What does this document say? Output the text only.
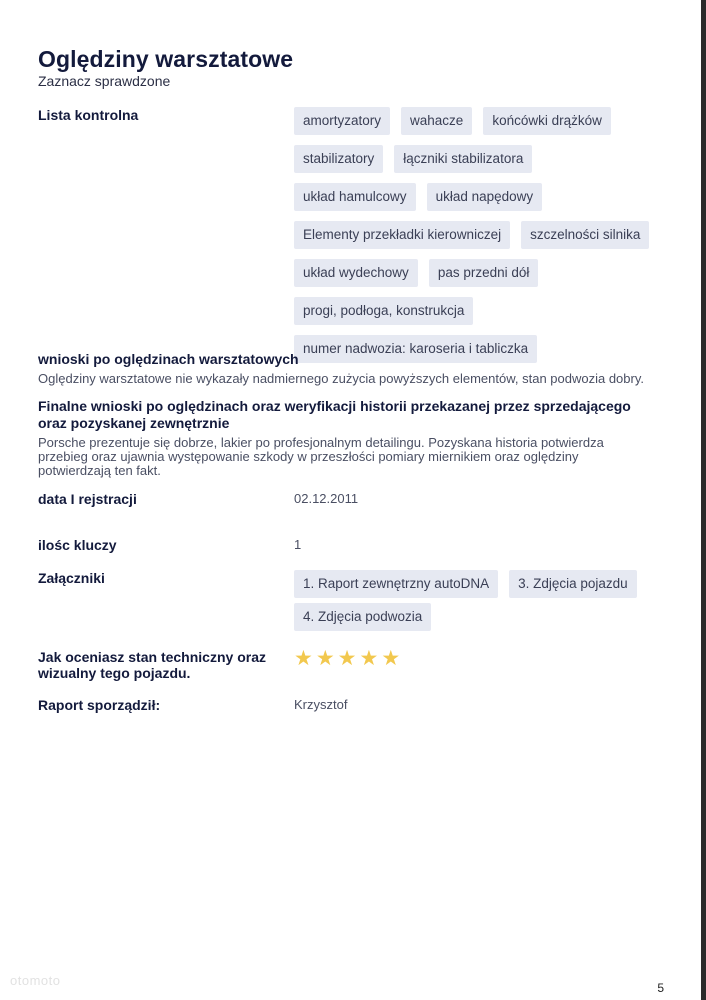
Oględziny warsztatowe
Zaznacz sprawdzone
Lista kontrolna	amortyzatory	wahacze	końcówki drążków
stabilizatory	łączniki stabilizatora
układ hamulcowy	układ napędowy
Elementy przekładki kierowniczej	szczelności silnika
układ wydechowy	pas przedni dół
progi, podłoga, konstrukcja
numer nadwozia: karoseria i tabliczka
wnioski po oględzinach warsztatowych
Oględziny warsztatowe nie wykazały nadmiernego zużycia powyższych elementów, stan podwozia dobry.
Finalne wnioski po oględzinach oraz weryfikacji historii przekazanej przez sprzedającego oraz pozyskanej zewnętrznie
Porsche prezentuje się dobrze, lakier po profesjonalnym detailingu. Pozyskana historia potwierdza przebieg oraz ujawnia występowanie szkody w przeszłości pomiary miernikiem oraz oględziny potwierdzają ten fakt.
data I rejstracji	02.12.2011
ilośc kluczy	1
Załączniki	1. Raport zewnętrzny autoDNA	3. Zdjęcia pojazdu
4. Zdjęcia podwozia
Jak oceniasz stan techniczny oraz wizualny tego pojazdu.
★ ★ ★ ★ ★
Raport sporządził:	Krzysztof
otomoto	5
